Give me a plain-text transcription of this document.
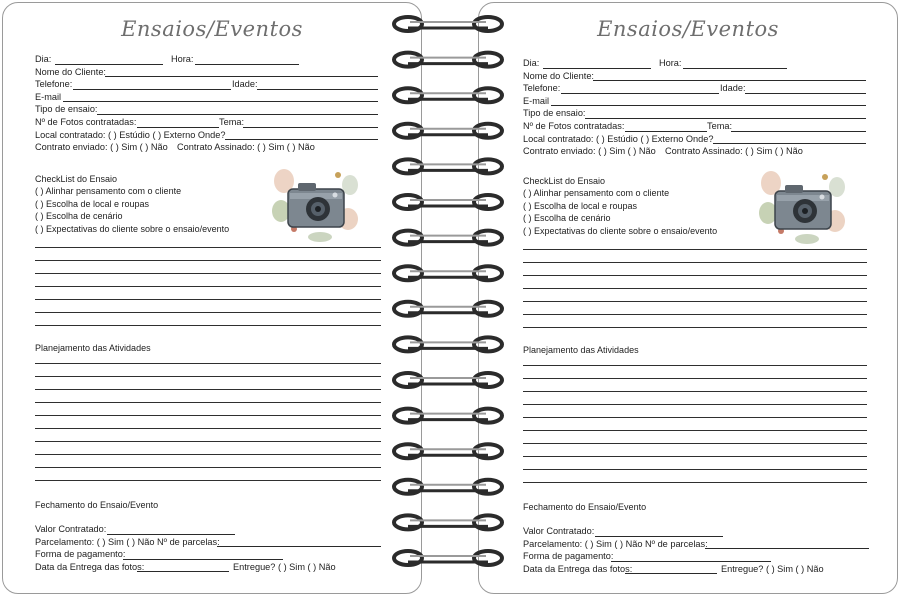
Ensaios/Eventos
Dia:	Hora:
Nome do Cliente:
Telefone:	Idade:
E-mail
Tipo de ensaio:
Nº de Fotos contratadas:	Tema:
Local contratado: ( ) Estúdio ( ) Externo Onde?
Contrato enviado: ( ) Sim ( ) Não Contrato Assinado: ( ) Sim ( ) Não
CheckList do Ensaio
( ) Alinhar pensamento com o cliente
( ) Escolha de local e roupas
( ) Escolha de cenário
( ) Expectativas do cliente sobre o ensaio/evento
Planejamento das Atividades
Fechamento do Ensaio/Evento
Valor Contratado:
Parcelamento: ( ) Sim ( ) Não Nº de parcelas:
Forma de pagamento:
Data da Entrega das fotos:	Entregue? ( ) Sim ( ) Não
Ensaios/Eventos
Dia:	Hora:
Nome do Cliente:
Telefone:	Idade:
E-mail
Tipo de ensaio:
Nº de Fotos contratadas:	Tema:
Local contratado: ( ) Estúdio ( ) Externo Onde?
Contrato enviado: ( ) Sim ( ) Não Contrato Assinado: ( ) Sim ( ) Não
CheckList do Ensaio
( ) Alinhar pensamento com o cliente
( ) Escolha de local e roupas
( ) Escolha de cenário
( ) Expectativas do cliente sobre o ensaio/evento
Planejamento das Atividades
Fechamento do Ensaio/Evento
Valor Contratado:
Parcelamento: ( ) Sim ( ) Não Nº de parcelas:
Forma de pagamento:
Data da Entrega das fotos:	Entregue? ( ) Sim ( ) Não
